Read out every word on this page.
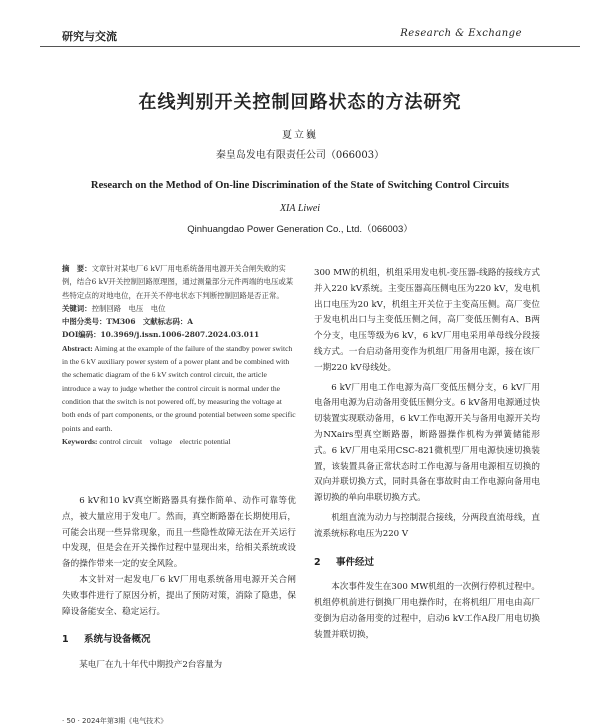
研究与交流	Research & Exchange
在线判别开关控制回路状态的方法研究
夏立巍
秦皇岛发电有限责任公司（066003）
Research on the Method of On-line Discrimination of the State of Switching Control Circuits
XIA Liwei
Qinhuangdao Power Generation Co., Ltd.（066003）

摘　要：文章针对某电厂6 kV厂用电系统备用电源开关合闸失败的实例，结合6 kV开关控制回路原理图，通过测量部分元件两端的电压或某些特定点的对地电位，在开关不停电状态下判断控制回路是否正常。

关键词：控制回路　电压　电位

中图分类号：TM306　 文献标志码：A

DOI编码：10.3969/j.issn.1006-2807.2024.03.011

Abstract: Aiming at the example of the failure of the standby power switch in the 6 kV auxiliary power system of a power plant and be combined with the schematic diagram of the 6 kV switch control circuit, the article introduce a way to judge whether the control circuit is normal under the condition that the switch is not powered off, by measuring the voltage at both ends of part components, or the ground potential between some specific points and earth.

Keywords: control circuit　voltage　electric potential

6 kV和10 kV真空断路器具有操作简单、动作可靠等优点，被大量应用于发电厂。然而，真空断路器在长期使用后，可能会出现一些异常现象，而且一些隐性故障无法在开关运行中发现，但是会在开关操作过程中显现出来，给相关系统或设备的操作带来一定的安全风险。

本文针对一起发电厂6 kV厂用电系统备用电源开关合闸失败事件进行了原因分析，提出了预防对策，消除了隐患，保障设备能安全、稳定运行。

1 系统与设备概况

某电厂在九十年代中期投产2台容量为

300 MW的机组，机组采用发电机-变压器-线路的接线方式并入220 kV系统。主变压器高压侧电压为220 kV，发电机出口电压为20 kV，机组主开关位于主变高压侧。高厂变位于发电机出口与主变低压侧之间，高厂变低压侧有A、B两个分支，电压等级为6 kV，6 kV厂用电采用单母线分段接线方式。一台启动备用变作为机组厂用备用电源，接在该厂一期220 kV母线处。

6 kV厂用电工作电源为高厂变低压侧分支，6 kV厂用电备用电源为启动备用变低压侧分支。6 kV备用电源通过快切装置实现联动备用，6 kV工作电源开关与备用电源开关均为NXairs型真空断路器，断路器操作机构为弹簧储能形式。6 kV厂用电采用CSC-821微机型厂用电源快速切换装置，该装置具备正常状态时工作电源与备用电源相互切换的双向并联切换方式，同时具备在事故时由工作电源向备用电源切换的单向串联切换方式。

机组直流为动力与控制混合接线，分两段直流母线，直流系统标称电压为220 V

2 事件经过

本次事件发生在300 MW机组的一次例行停机过程中。机组停机前进行倒换厂用电操作时，在将机组厂用电由高厂变倒为启动备用变的过程中，启动6 kV工作A段厂用电切换装置并联切换，

· 50 · 2024年第3期《电气技术》
